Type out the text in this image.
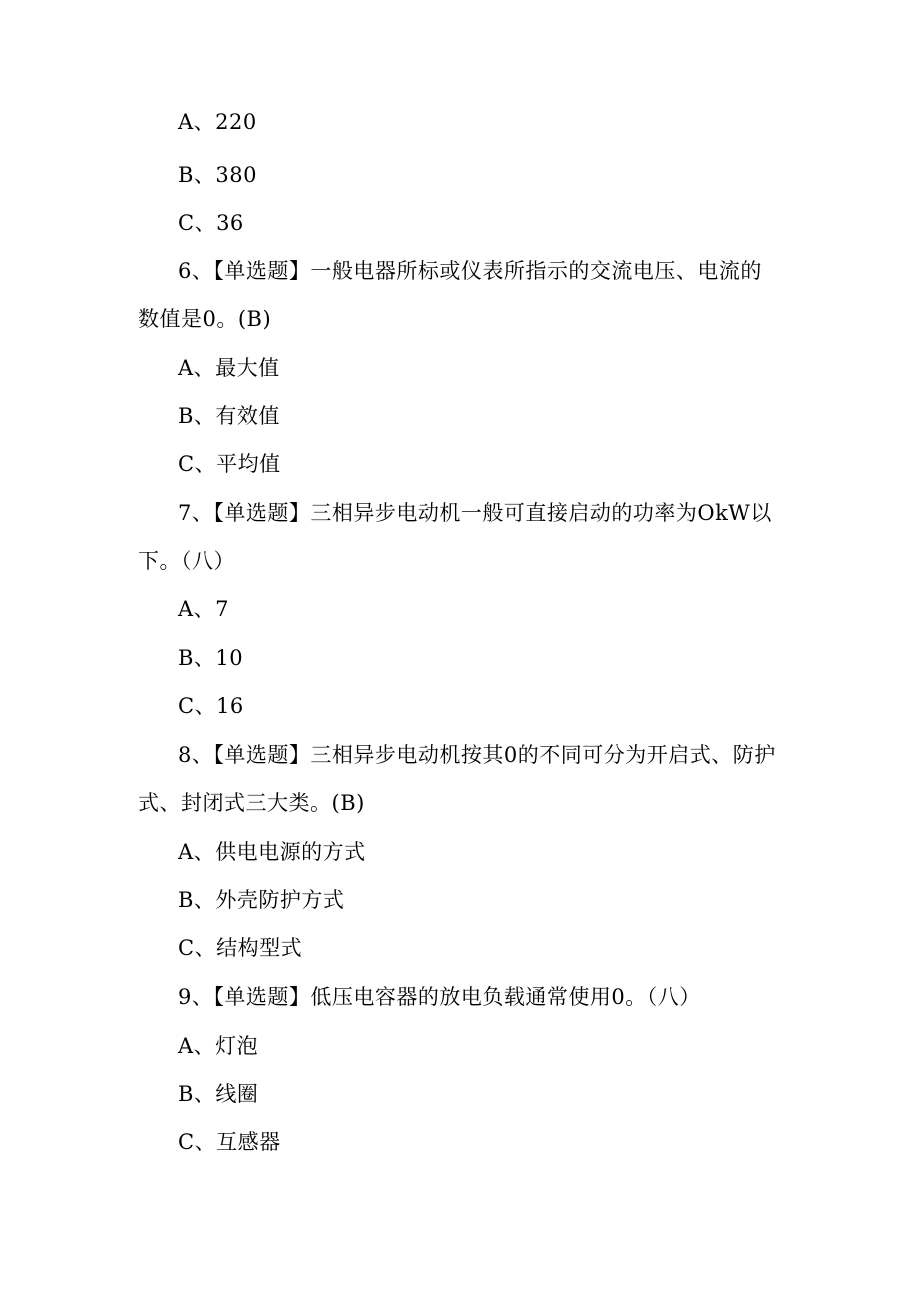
A、220
B、380
C、36
6、【单选题】一般电器所标或仪表所指示的交流电压、电流的
数值是0。(B)
A、最大值
B、有效值
C、平均值
7、【单选题】三相异步电动机一般可直接启动的功率为OkW以
下。（八）
A、7
B、10
C、16
8、【单选题】三相异步电动机按其0的不同可分为开启式、防护
式、封闭式三大类。(B)
A、供电电源的方式
B、外壳防护方式
C、结构型式
9、【单选题】低压电容器的放电负载通常使用0。（八）
A、灯泡
B、线圈
C、互感器
